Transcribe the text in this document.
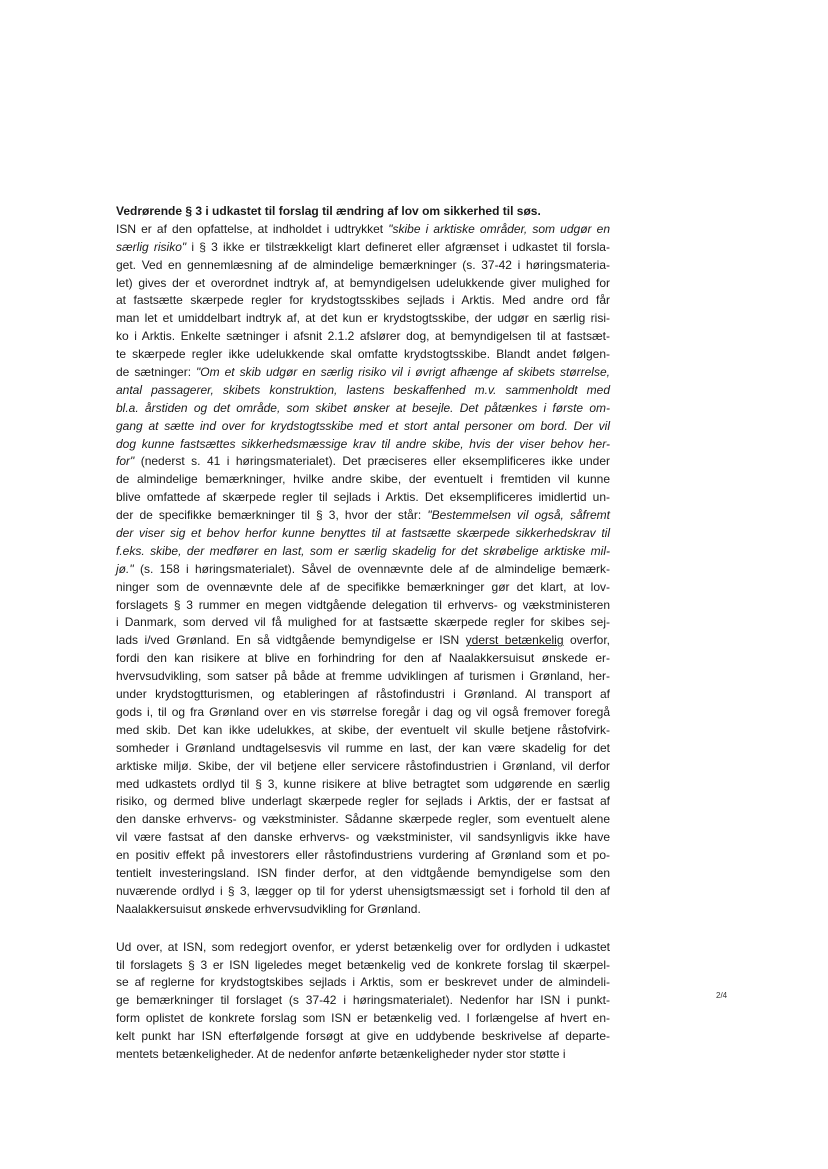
Vedrørende § 3 i udkastet til forslag til ændring af lov om sikkerhed til søs.
ISN er af den opfattelse, at indholdet i udtrykket "skibe i arktiske områder, som udgør en
særlig risiko" i § 3 ikke er tilstrækkeligt klart defineret eller afgrænset i udkastet til forsla-
get. Ved en gennemlæsning af de almindelige bemærkninger (s. 37-42 i høringsmateria-
let) gives der et overordnet indtryk af, at bemyndigelsen udelukkende giver mulighed for
at fastsætte skærpede regler for krydstogtsskibes sejlads i Arktis. Med andre ord får
man let et umiddelbart indtryk af, at det kun er krydstogtsskibe, der udgør en særlig risi-
ko i Arktis. Enkelte sætninger i afsnit 2.1.2 afslører dog, at bemyndigelsen til at fastsæt-
te skærpede regler ikke udelukkende skal omfatte krydstogtsskibe. Blandt andet følgen-
de sætninger: "Om et skib udgør en særlig risiko vil i øvrigt afhænge af skibets størrelse,
antal passagerer, skibets konstruktion, lastens beskaffenhed m.v. sammenholdt med
bl.a. årstiden og det område, som skibet ønsker at besejle. Det påtænkes i første om-
gang at sætte ind over for krydstogtsskibe med et stort antal personer om bord. Der vil
dog kunne fastsættes sikkerhedsmæssige krav til andre skibe, hvis der viser behov her-
for" (nederst s. 41 i høringsmaterialet). Det præciseres eller eksemplificeres ikke under
de almindelige bemærkninger, hvilke andre skibe, der eventuelt i fremtiden vil kunne
blive omfattede af skærpede regler til sejlads i Arktis. Det eksemplificeres imidlertid un-
der de specifikke bemærkninger til § 3, hvor der står: "Bestemmelsen vil også, såfremt
der viser sig et behov herfor kunne benyttes til at fastsætte skærpede sikkerhedskrav til
f.eks. skibe, der medfører en last, som er særlig skadelig for det skrøbelige arktiske mil-
jø." (s. 158 i høringsmaterialet). Såvel de ovennævnte dele af de almindelige bemærk-
ninger som de ovennævnte dele af de specifikke bemærkninger gør det klart, at lov-
forslagets § 3 rummer en megen vidtgående delegation til erhvervs- og vækstministeren
i Danmark, som derved vil få mulighed for at fastsætte skærpede regler for skibes sej-
lads i/ved Grønland. En så vidtgående bemyndigelse er ISN yderst betænkelig overfor,
fordi den kan risikere at blive en forhindring for den af Naalakkersuisut ønskede er-
hvervsudvikling, som satser på både at fremme udviklingen af turismen i Grønland, her-
under krydstogtturismen, og etableringen af råstofindustri i Grønland. Al transport af
gods i, til og fra Grønland over en vis størrelse foregår i dag og vil også fremover foregå
med skib. Det kan ikke udelukkes, at skibe, der eventuelt vil skulle betjene råstofvirk-
somheder i Grønland undtagelsesvis vil rumme en last, der kan være skadelig for det
arktiske miljø. Skibe, der vil betjene eller servicere råstofindustrien i Grønland, vil derfor
med udkastets ordlyd til § 3, kunne risikere at blive betragtet som udgørende en særlig
risiko, og dermed blive underlagt skærpede regler for sejlads i Arktis, der er fastsat af
den danske erhvervs- og vækstminister. Sådanne skærpede regler, som eventuelt alene
vil være fastsat af den danske erhvervs- og vækstminister, vil sandsynligvis ikke have
en positiv effekt på investorers eller råstofindustriens vurdering af Grønland som et po-
tentielt investeringsland. ISN finder derfor, at den vidtgående bemyndigelse som den
nuværende ordlyd i § 3, lægger op til for yderst uhensigtsmæssigt set i forhold til den af
Naalakkersuisut ønskede erhvervsudvikling for Grønland.
Ud over, at ISN, som redegjort ovenfor, er yderst betænkelig over for ordlyden i udkastet
til forslagets § 3 er ISN ligeledes meget betænkelig ved de konkrete forslag til skærpel-
se af reglerne for krydstogtskibes sejlads i Arktis, som er beskrevet under de almindeli-
ge bemærkninger til forslaget (s 37-42 i høringsmaterialet). Nedenfor har ISN i punkt-
form oplistet de konkrete forslag som ISN er betænkelig ved. I forlængelse af hvert en-
kelt punkt har ISN efterfølgende forsøgt at give en uddybende beskrivelse af departe-
mentets betænkeligheder. At de nedenfor anførte betænkeligheder nyder stor støtte i
2/4
